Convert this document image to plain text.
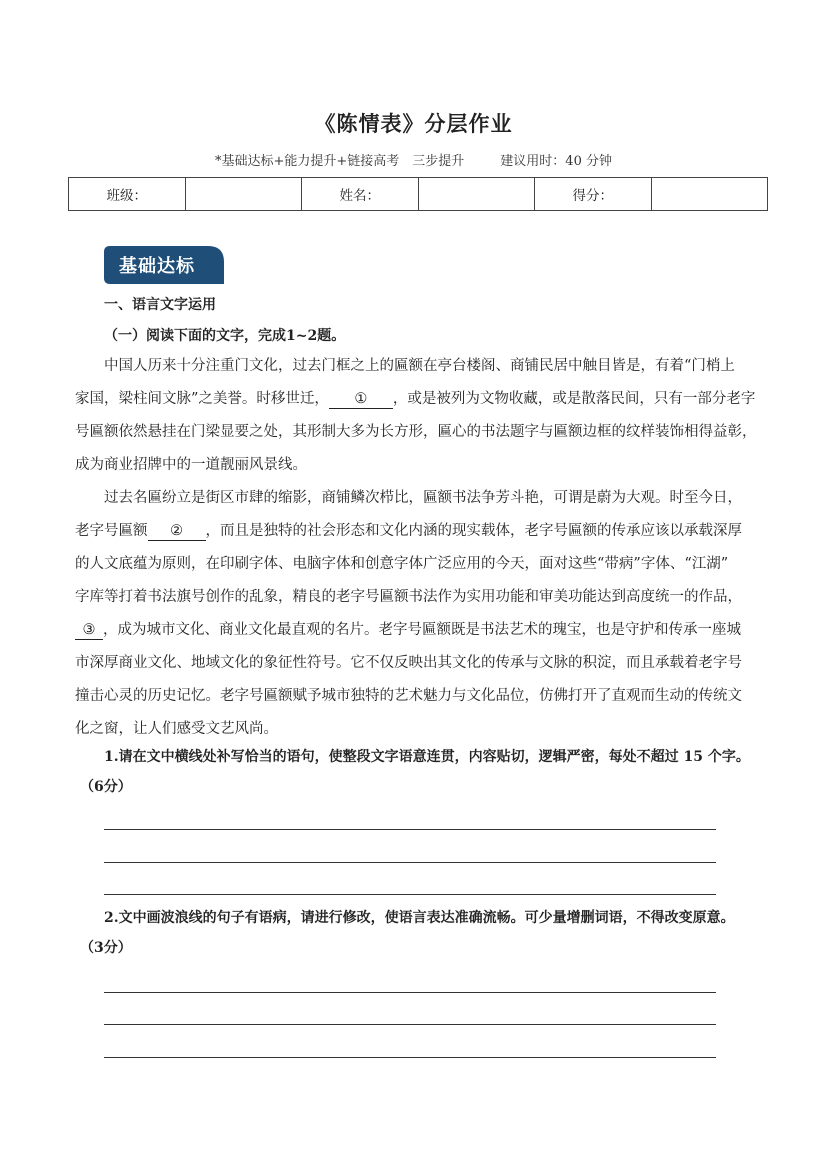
《陈情表》分层作业
*基础达标+能力提升+链接高考　三步提升	建议用时：40 分钟
班级：		姓名：		得分：	
基础达标
一、语言文字运用
（一）阅读下面的文字，完成1~2题。
中国人历来十分注重门文化，过去门框之上的匾额在亭台楼阁、商铺民居中触目皆是，有着“门梢上
家国，梁柱间文脉”之美誉。时移世迁， ① ，或是被列为文物收藏，或是散落民间，只有一部分老字
号匾额依然悬挂在门梁显要之处，其形制大多为长方形，匾心的书法题字与匾额边框的纹样装饰相得益彰，
成为商业招牌中的一道靓丽风景线。
过去名匾纷立是街区市肆的缩影，商铺鳞次栉比，匾额书法争芳斗艳，可谓是蔚为大观。时至今日，
老字号匾额 ② ，而且是独特的社会形态和文化内涵的现实载体，老字号匾额的传承应该以承载深厚
的人文底蕴为原则，在印刷字体、电脑字体和创意字体广泛应用的今天，面对这些“带病”字体、“江湖”
字库等打着书法旗号创作的乱象，精良的老字号匾额书法作为实用功能和审美功能达到高度统一的作品，
③ ，成为城市文化、商业文化最直观的名片。老字号匾额既是书法艺术的瑰宝，也是守护和传承一座城
市深厚商业文化、地域文化的象征性符号。它不仅反映出其文化的传承与文脉的积淀，而且承载着老字号
撞击心灵的历史记忆。老字号匾额赋予城市独特的艺术魅力与文化品位，仿佛打开了直观而生动的传统文
化之窗，让人们感受文艺风尚。
1.请在文中横线处补写恰当的语句，使整段文字语意连贯，内容贴切，逻辑严密，每处不超过 15 个字。
（6分）
2.文中画波浪线的句子有语病，请进行修改，使语言表达准确流畅。可少量增删词语，不得改变原意。
（3分）
